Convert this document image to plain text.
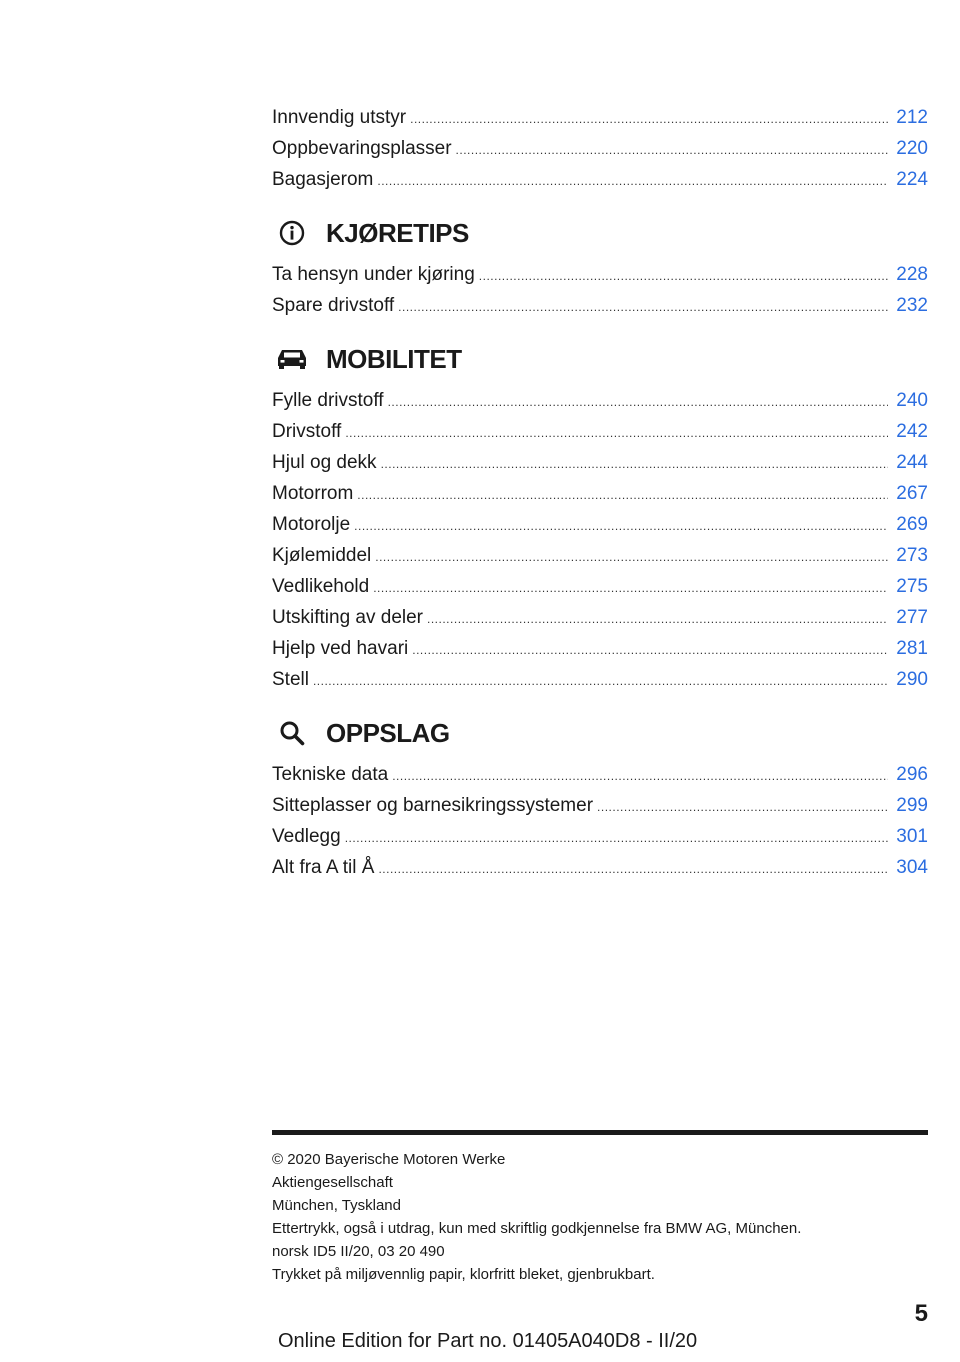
Innvendig utstyr .....	212
Oppbevaringsplasser .....	220
Bagasjerom .....	224
KJØRETIPS
Ta hensyn under kjøring .....	228
Spare drivstoff .....	232
MOBILITET
Fylle drivstoff .....	240
Drivstoff .....	242
Hjul og dekk .....	244
Motorrom .....	267
Motorolje .....	269
Kjølemiddel .....	273
Vedlikehold .....	275
Utskifting av deler .....	277
Hjelp ved havari .....	281
Stell .....	290
OPPSLAG
Tekniske data .....	296
Sitteplasser og barnesikringssystemer .....	299
Vedlegg .....	301
Alt fra A til Å .....	304
© 2020 Bayerische Motoren Werke
Aktiengesellschaft
München, Tyskland
Ettertrykk, også i utdrag, kun med skriftlig godkjennelse fra BMW AG, München.
norsk ID5 II/20, 03 20 490
Trykket på miljøvennlig papir, klorfritt bleket, gjenbrukbart.
5
Online Edition for Part no. 01405A040D8 - II/20
